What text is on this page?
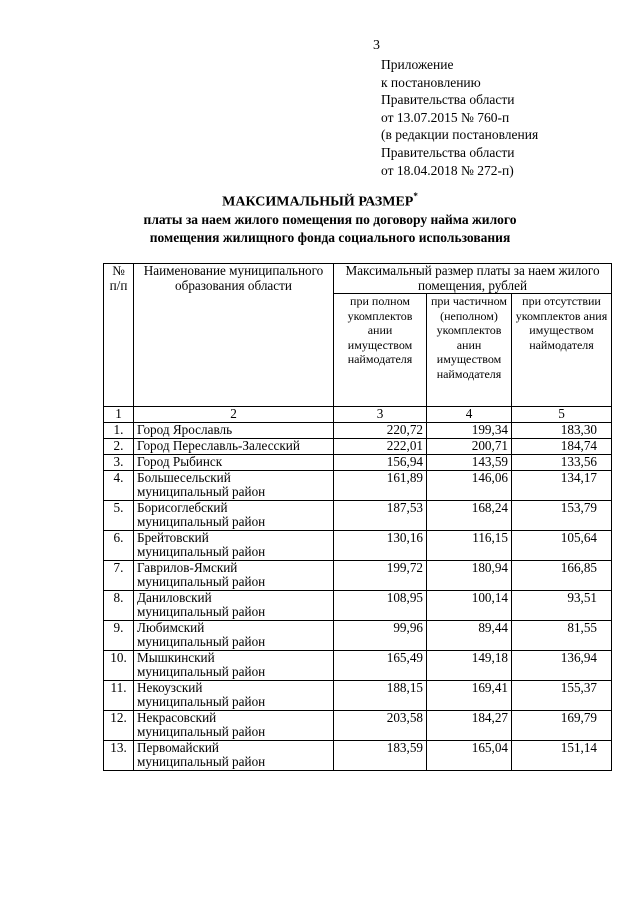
3
Приложение
к постановлению
Правительства области
от 13.07.2015 № 760-п
(в редакции постановления
Правительства области
от 18.04.2018 № 272-п)
МАКСИМАЛЬНЫЙ РАЗМЕР*
платы за наем жилого помещения по договору найма жилого
помещения жилищного фонда социального использования
№ п/п	Наименование муниципального образования области	Максимальный размер платы за наем жилого помещения, рублей		
		при полном укомплектов ании имуществом наймодателя	при частичном (неполном) укомплектов анин имуществом наймодателя	при отсутствии укомплектов ания имуществом наймодателя
1	2	3	4	5
1.	Город Ярославль	220,72	199,34	183,30
2.	Город Переславль-Залесский	222,01	200,71	184,74
3.	Город Рыбинск	156,94	143,59	133,56
4.	Большесельский
муниципальный район	161,89	146,06	134,17
5.	Борисоглебский
муниципальный район	187,53	168,24	153,79
6.	Брейтовский
муниципальный район	130,16	116,15	105,64
7.	Гаврилов-Ямский
муниципальный район	199,72	180,94	166,85
8.	Даниловский
муниципальный район	108,95	100,14	93,51
9.	Любимский
муниципальный район	99,96	89,44	81,55
10.	Мышкинский
муниципальный район	165,49	149,18	136,94
11.	Некоузский
муниципальный район	188,15	169,41	155,37
12.	Некрасовский
муниципальный район	203,58	184,27	169,79
13.	Первомайский
муниципальный район	183,59	165,04	151,14
